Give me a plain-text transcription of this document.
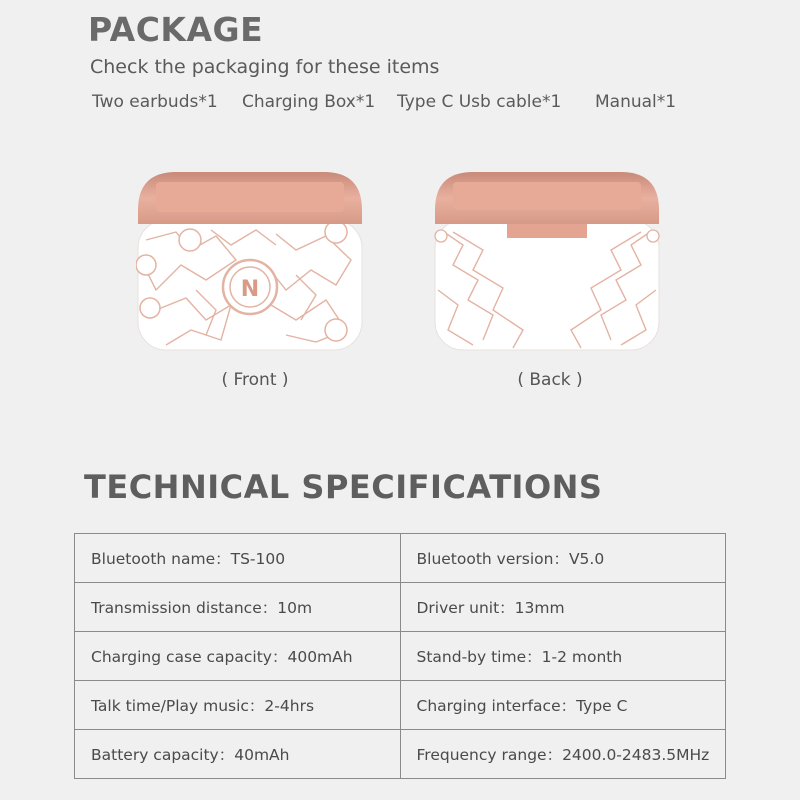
PACKAGE
Check the packaging for these items
Two earbuds*1 Charging Box*1 Type C Usb cable*1 Manual*1
N
( Front )	( Back )
TECHNICAL SPECIFICATIONS
Bluetooth name：TS-100	Bluetooth version：V5.0
Transmission distance：10m	Driver unit：13mm
Charging case capacity：400mAh	Stand-by time：1-2 month
Talk time/Play music：2-4hrs	Charging interface：Type C
Battery capacity：40mAh	Frequency range：2400.0-2483.5MHz
